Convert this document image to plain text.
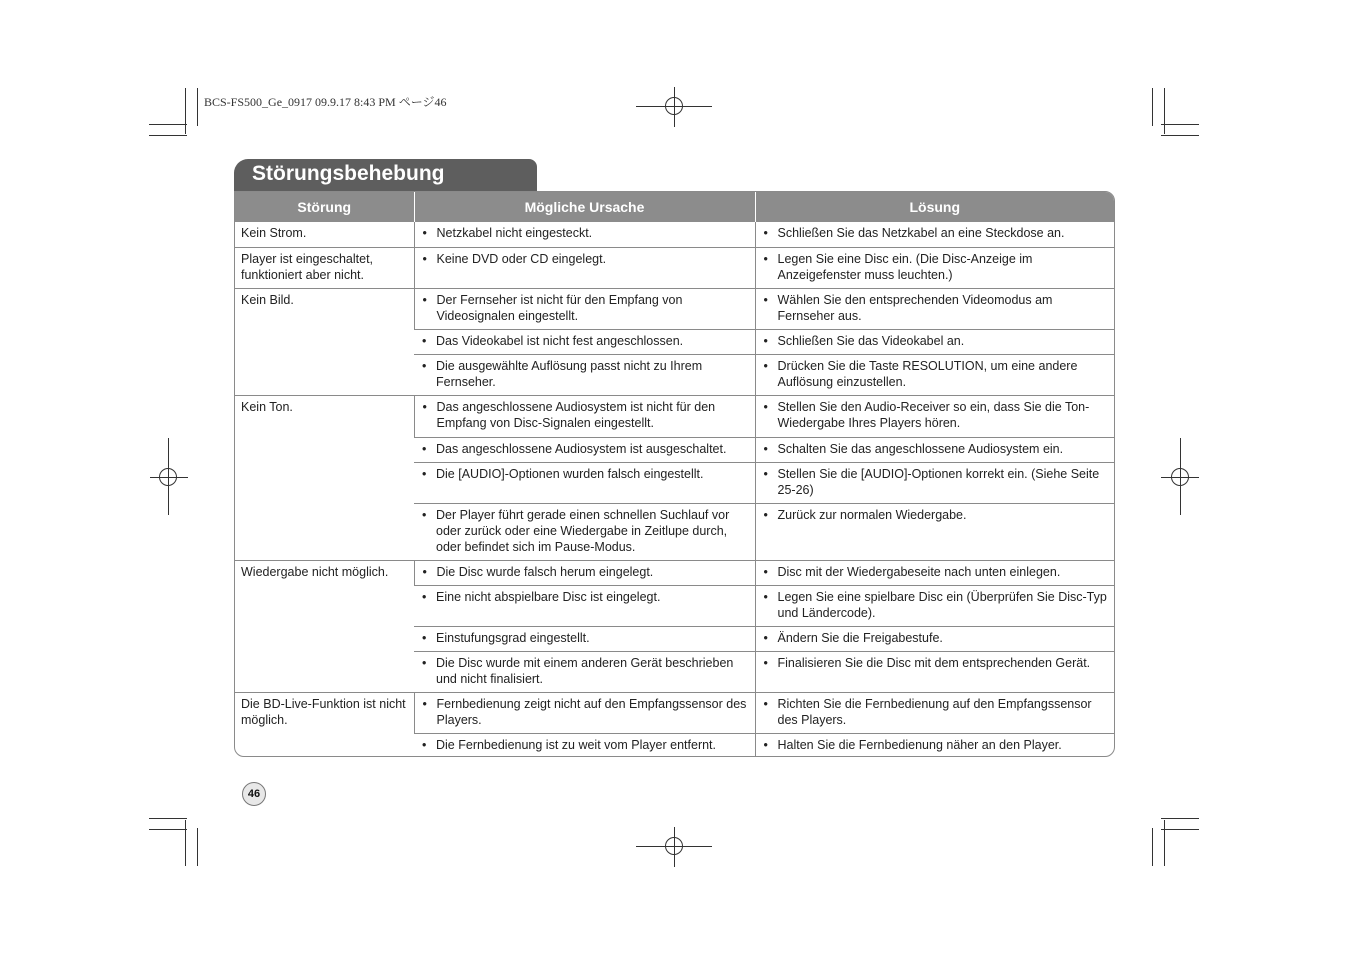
BCS-FS500_Ge_0917 09.9.17 8:43 PM ページ46
Störungsbehebung
Störung	Mögliche Ursache	Lösung
Kein Strom.	• Netzkabel nicht eingesteckt.	• Schließen Sie das Netzkabel an eine Steckdose an.
Player ist eingeschaltet, funktioniert aber nicht.	• Keine DVD oder CD eingelegt.	• Legen Sie eine Disc ein. (Die Disc-Anzeige im Anzeigefenster muss leuchten.)
Kein Bild.	• Der Fernseher ist nicht für den Empfang von Videosignalen eingestellt.	• Wählen Sie den entsprechenden Videomodus am Fernseher aus.
	• Das Videokabel ist nicht fest angeschlossen.	• Schließen Sie das Videokabel an.
	• Die ausgewählte Auflösung passt nicht zu Ihrem Fernseher.	• Drücken Sie die Taste RESOLUTION, um eine andere Auflösung einzustellen.
Kein Ton.	• Das angeschlossene Audiosystem ist nicht für den Empfang von Disc-Signalen eingestellt.	• Stellen Sie den Audio-Receiver so ein, dass Sie die Ton-Wiedergabe Ihres Players hören.
	• Das angeschlossene Audiosystem ist ausgeschaltet.	• Schalten Sie das angeschlossene Audiosystem ein.
	• Die [AUDIO]-Optionen wurden falsch eingestellt.	• Stellen Sie die [AUDIO]-Optionen korrekt ein. (Siehe Seite 25-26)
	• Der Player führt gerade einen schnellen Suchlauf vor oder zurück oder eine Wiedergabe in Zeitlupe durch, oder befindet sich im Pause-Modus.	• Zurück zur normalen Wiedergabe.
Wiedergabe nicht möglich.	• Die Disc wurde falsch herum eingelegt.	• Disc mit der Wiedergabeseite nach unten einlegen.
	• Eine nicht abspielbare Disc ist eingelegt.	• Legen Sie eine spielbare Disc ein (Überprüfen Sie Disc-Typ und Ländercode).
	• Einstufungsgrad eingestellt.	• Ändern Sie die Freigabestufe.
	• Die Disc wurde mit einem anderen Gerät beschrieben und nicht finalisiert.	• Finalisieren Sie die Disc mit dem entsprechenden Gerät.
Die BD-Live-Funktion ist nicht möglich.	• Fernbedienung zeigt nicht auf den Empfangssensor des Players.	• Richten Sie die Fernbedienung auf den Empfangssensor des Players.
	• Die Fernbedienung ist zu weit vom Player entfernt.	• Halten Sie die Fernbedienung näher an den Player.
46
